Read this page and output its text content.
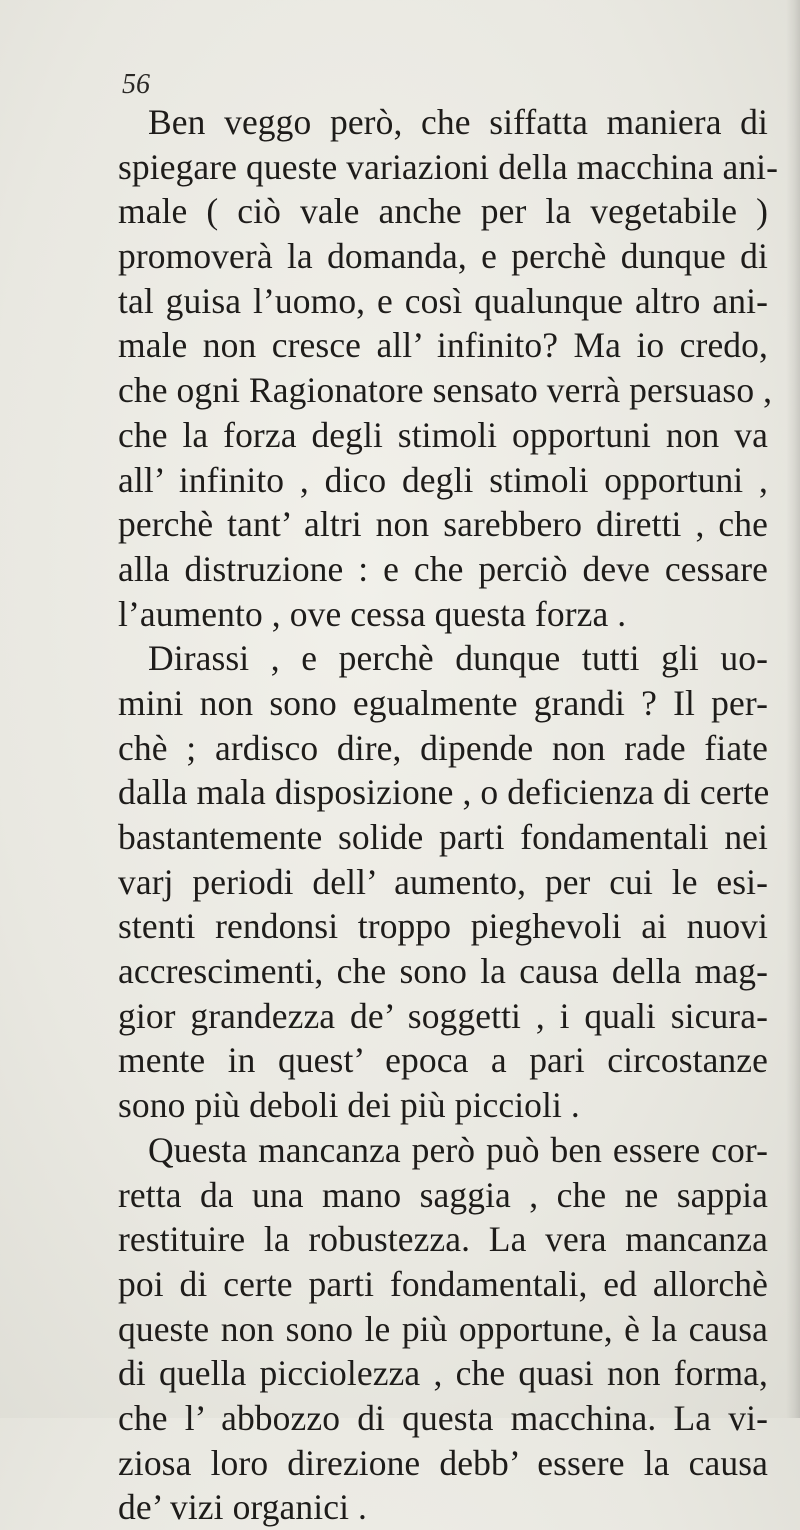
56
Ben veggo però, che siffatta maniera di
spiegare queste variazioni della macchina ani-
male ( ciò vale anche per la vegetabile )
promoverà la domanda, e perchè dunque di
tal guisa l’uomo, e così qualunque altro ani-
male non cresce all’ infinito? Ma io credo,
che ogni Ragionatore sensato verrà persuaso ,
che la forza degli stimoli opportuni non va
all’ infinito , dico degli stimoli opportuni ,
perchè tant’ altri non sarebbero diretti , che
alla distruzione : e che perciò deve cessare
l’aumento , ove cessa questa forza .
Dirassi , e perchè dunque tutti gli uo-
mini non sono egualmente grandi ? Il per-
chè ; ardisco dire, dipende non rade fiate
dalla mala disposizione , o deficienza di certe
bastantemente solide parti fondamentali nei
varj periodi dell’ aumento, per cui le esi-
stenti rendonsi troppo pieghevoli ai nuovi
accrescimenti, che sono la causa della mag-
gior grandezza de’ soggetti , i quali sicura-
mente in quest’ epoca a pari circostanze
sono più deboli dei più piccioli .
Questa mancanza però può ben essere cor-
retta da una mano saggia , che ne sappia
restituire la robustezza. La vera mancanza
poi di certe parti fondamentali, ed allorchè
queste non sono le più opportune, è la causa
di quella picciolezza , che quasi non forma,
che l’ abbozzo di questa macchina. La vi-
ziosa loro direzione debb’ essere la causa
de’ vizi organici .
